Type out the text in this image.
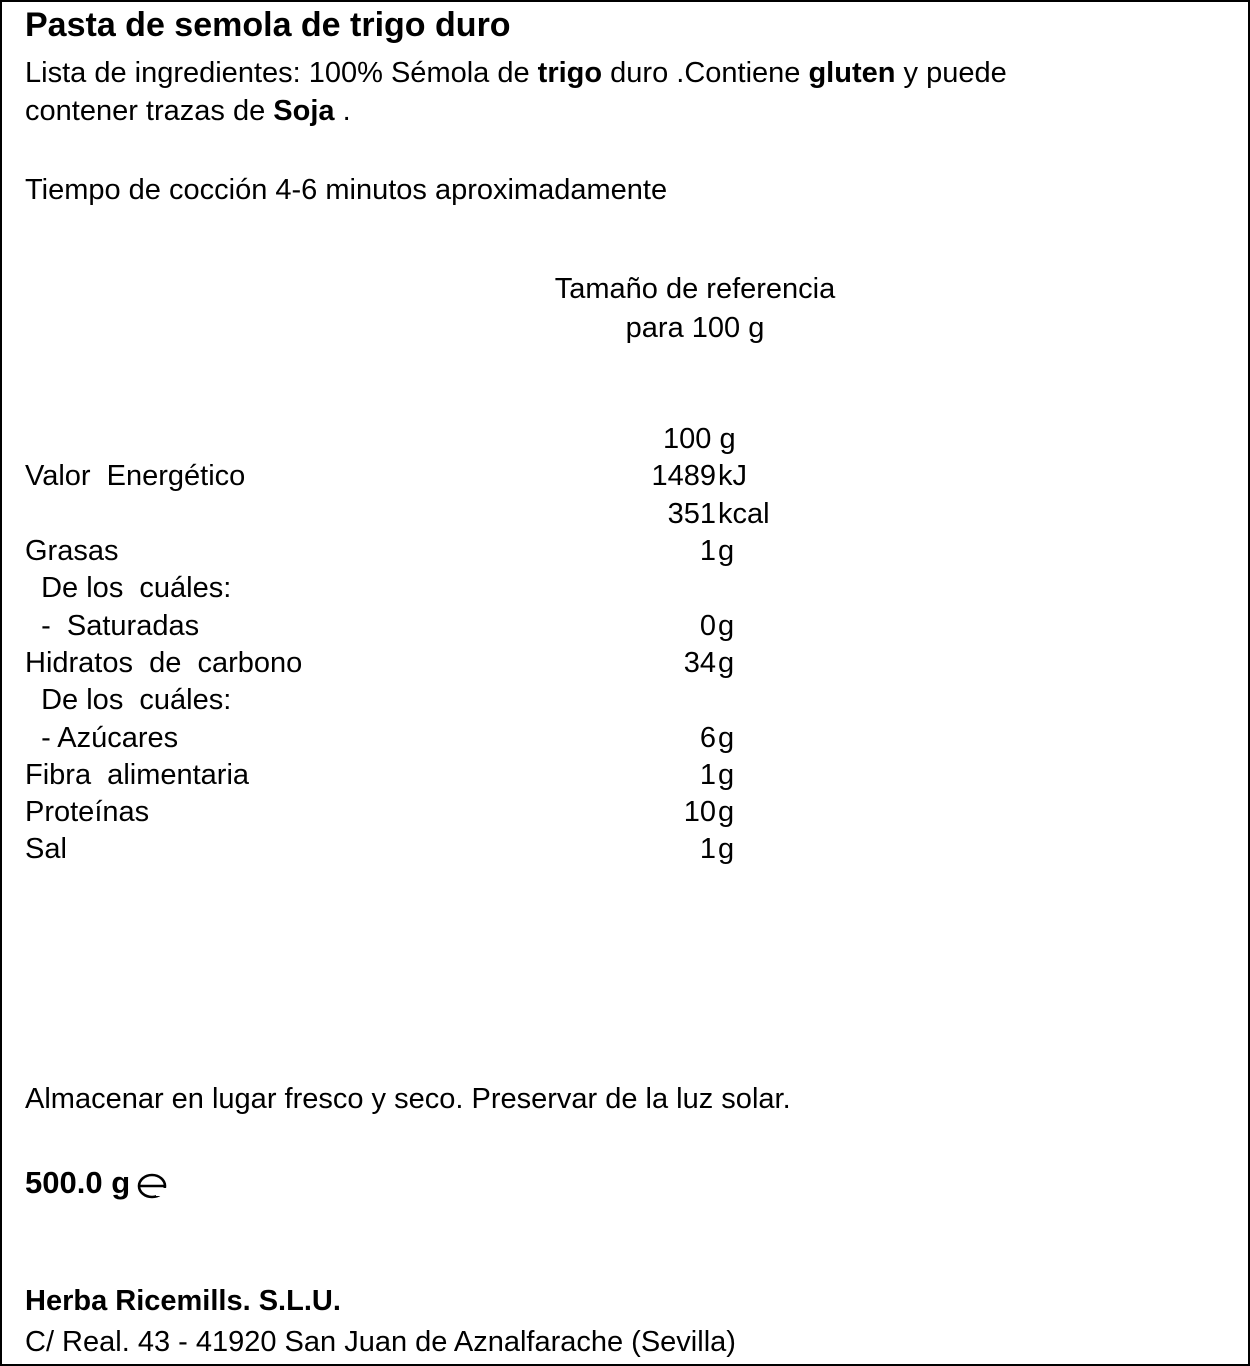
Pasta de semola de trigo duro
Lista de ingredientes: 100% Sémola de trigo duro .Contiene gluten y puede
contener trazas de Soja .
Tiempo de cocción 4-6 minutos aproximadamente
Tamaño de referencia
para 100 g
100 g
Valor  Energético	1489 kJ
351 kcal
Grasas	1 g
De los  cuáles:
-  Saturadas	0 g
Hidratos  de  carbono	34 g
De los  cuáles:
- Azúcares	6 g
Fibra  alimentaria	1 g
Proteínas	10 g
Sal	1 g
Almacenar en lugar fresco y seco. Preservar de la luz solar.
500.0 g
Herba Ricemills. S.L.U.
C/ Real. 43 - 41920 San Juan de Aznalfarache (Sevilla)
